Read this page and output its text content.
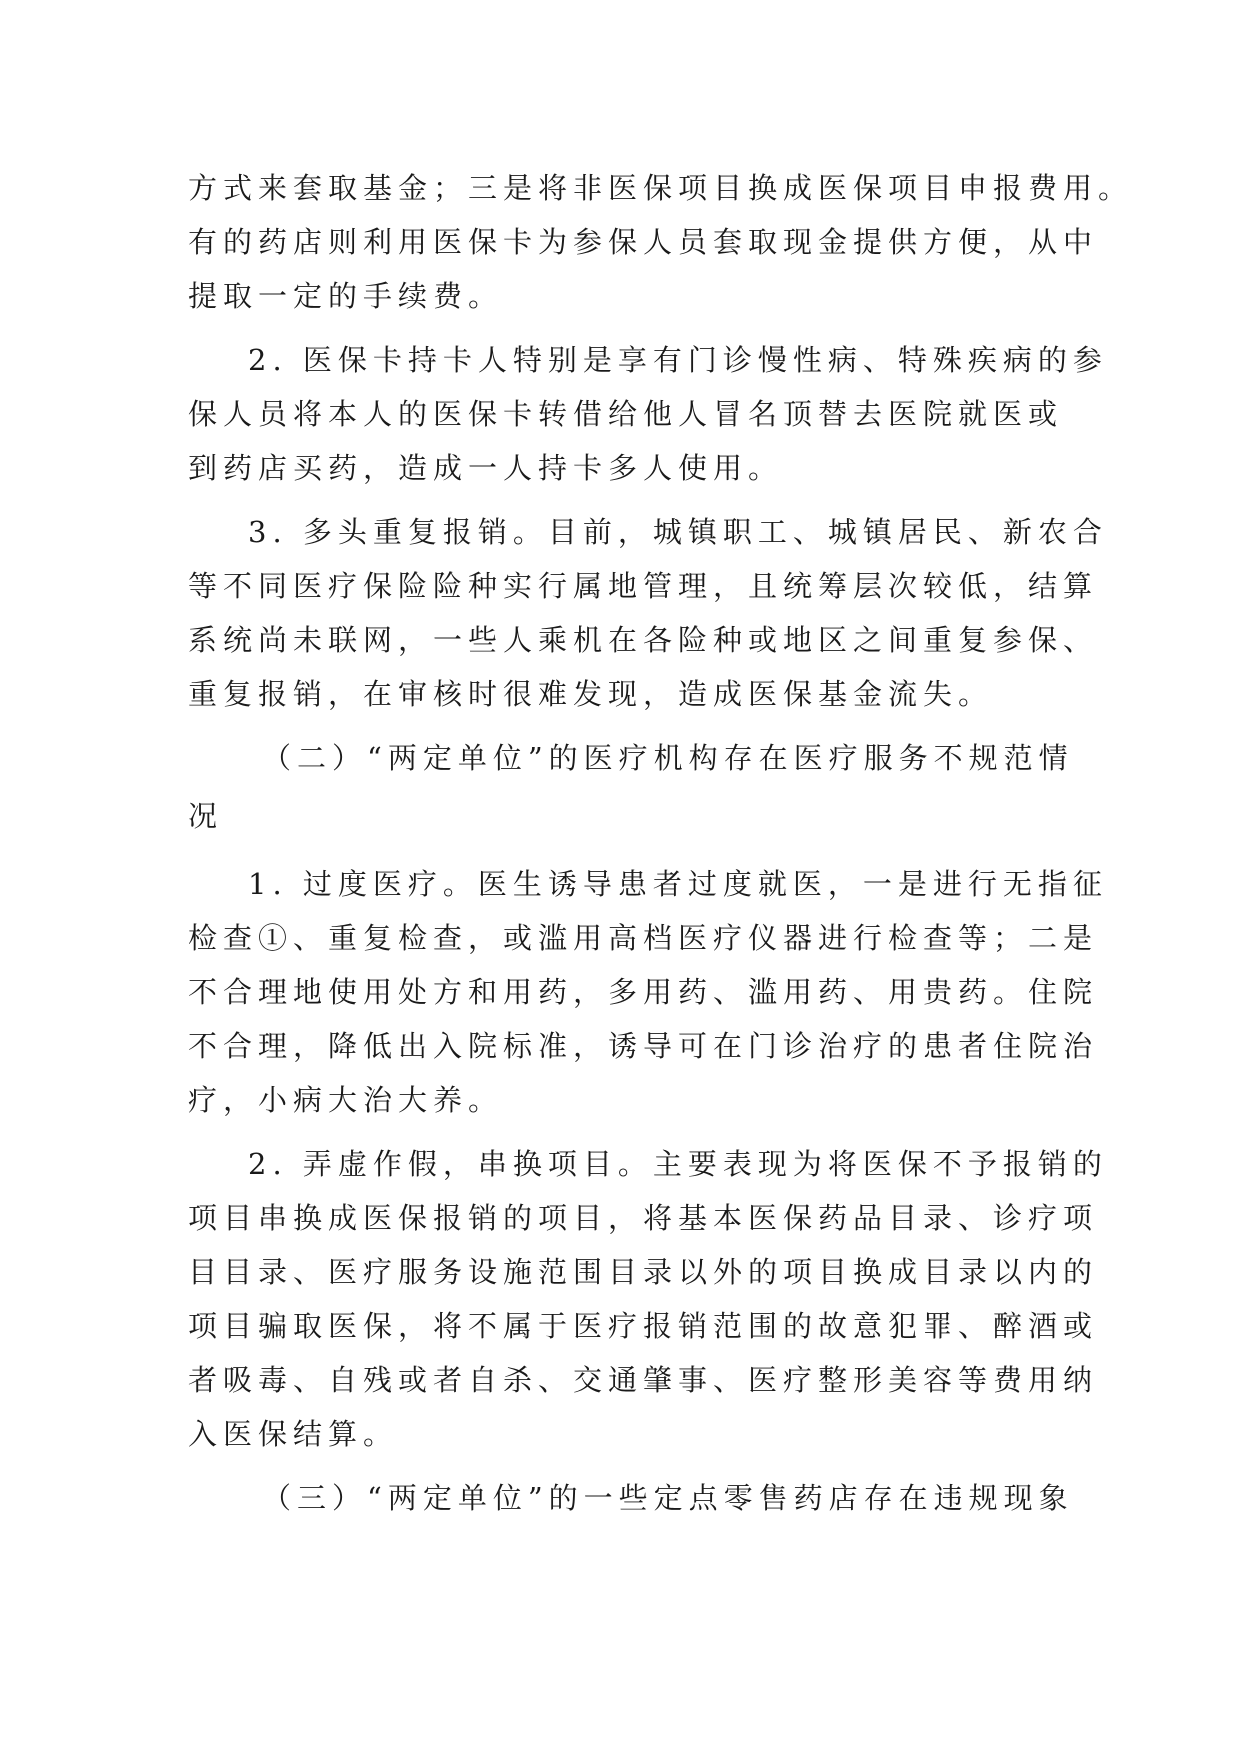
方式来套取基金；三是将非医保项目换成医保项目申报费用。
有的药店则利用医保卡为参保人员套取现金提供方便，从中
提取一定的手续费。
2. 医保卡持卡人特别是享有门诊慢性病、特殊疾病的参
保人员将本人的医保卡转借给他人冒名顶替去医院就医或
到药店买药，造成一人持卡多人使用。
3. 多头重复报销。目前，城镇职工、城镇居民、新农合
等不同医疗保险险种实行属地管理，且统筹层次较低，结算
系统尚未联网，一些人乘机在各险种或地区之间重复参保、
重复报销，在审核时很难发现，造成医保基金流失。
（二）“两定单位”的医疗机构存在医疗服务不规范情
况
1. 过度医疗。医生诱导患者过度就医，一是进行无指征
检查①、重复检查，或滥用高档医疗仪器进行检查等；二是
不合理地使用处方和用药，多用药、滥用药、用贵药。住院
不合理，降低出入院标准，诱导可在门诊治疗的患者住院治
疗，小病大治大养。
2. 弄虚作假，串换项目。主要表现为将医保不予报销的
项目串换成医保报销的项目，将基本医保药品目录、诊疗项
目目录、医疗服务设施范围目录以外的项目换成目录以内的
项目骗取医保，将不属于医疗报销范围的故意犯罪、醉酒或
者吸毒、自残或者自杀、交通肇事、医疗整形美容等费用纳
入医保结算。
（三）“两定单位”的一些定点零售药店存在违规现象
